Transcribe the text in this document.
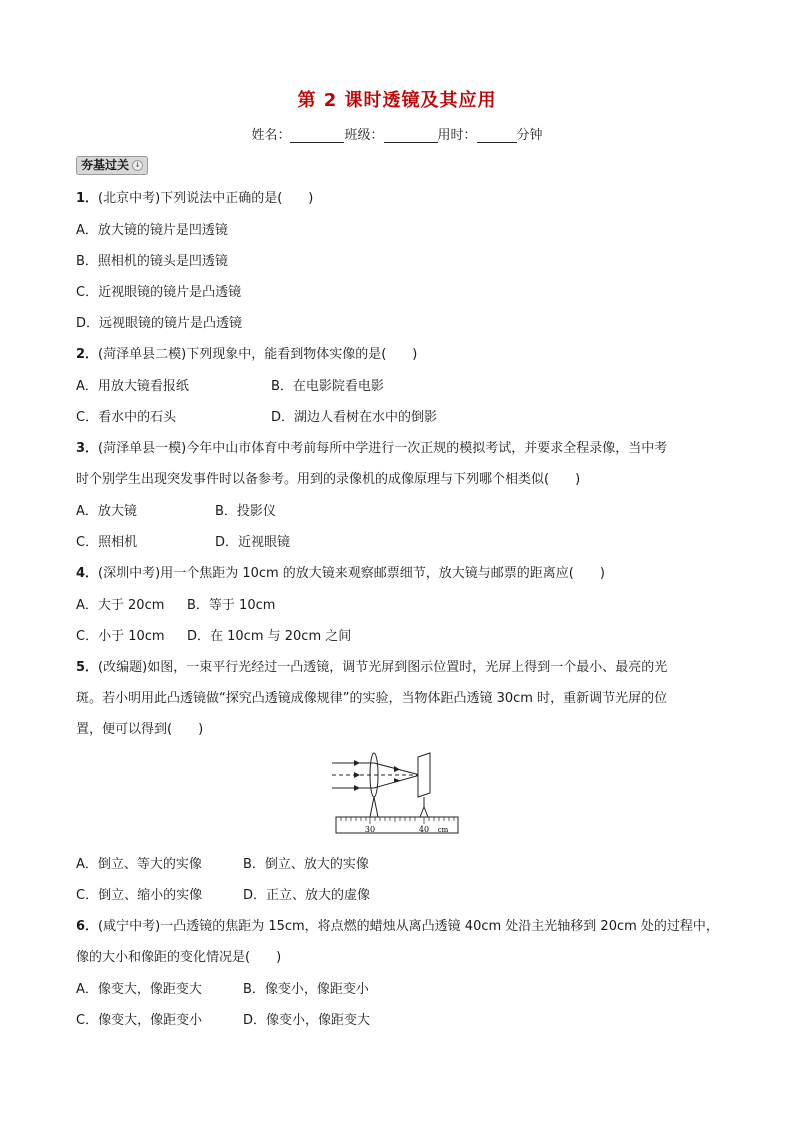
第 2 课时透镜及其应用
姓名：	班级：	用时：	分钟
夯基过关 ↓
1．(北京中考)下列说法中正确的是(　　)
A．放大镜的镜片是凹透镜
B．照相机的镜头是凹透镜
C．近视眼镜的镜片是凸透镜
D．远视眼镜的镜片是凸透镜
2．(菏泽单县二模)下列现象中，能看到物体实像的是(　　)
A．用放大镜看报纸	B．在电影院看电影
C．看水中的石头	D．湖边人看树在水中的倒影
3．(菏泽单县一模)今年中山市体育中考前每所中学进行一次正规的模拟考试，并要求全程录像，当中考
时个别学生出现突发事件时以备参考。用到的录像机的成像原理与下列哪个相类似(　　)
A．放大镜	B．投影仪
C．照相机	D．近视眼镜
4．(深圳中考)用一个焦距为 10cm 的放大镜来观察邮票细节，放大镜与邮票的距离应(　　)
A．大于 20cm B．等于 10cm
C．小于 10cm D．在 10cm 与 20cm 之间
5．(改编题)如图，一束平行光经过一凸透镜，调节光屏到图示位置时，光屏上得到一个最小、最亮的光
斑。若小明用此凸透镜做“探究凸透镜成像规律”的实验，当物体距凸透镜 30cm 时，重新调节光屏的位
置，便可以得到(　　)
30	40 cm
A．倒立、等大的实像	B．倒立、放大的实像
C．倒立、缩小的实像	D．正立、放大的虚像
6．(咸宁中考)一凸透镜的焦距为 15cm，将点燃的蜡烛从离凸透镜 40cm 处沿主光轴移到 20cm 处的过程中，
像的大小和像距的变化情况是(　　)
A．像变大，像距变大	B．像变小，像距变小
C．像变大，像距变小	D．像变小，像距变大
